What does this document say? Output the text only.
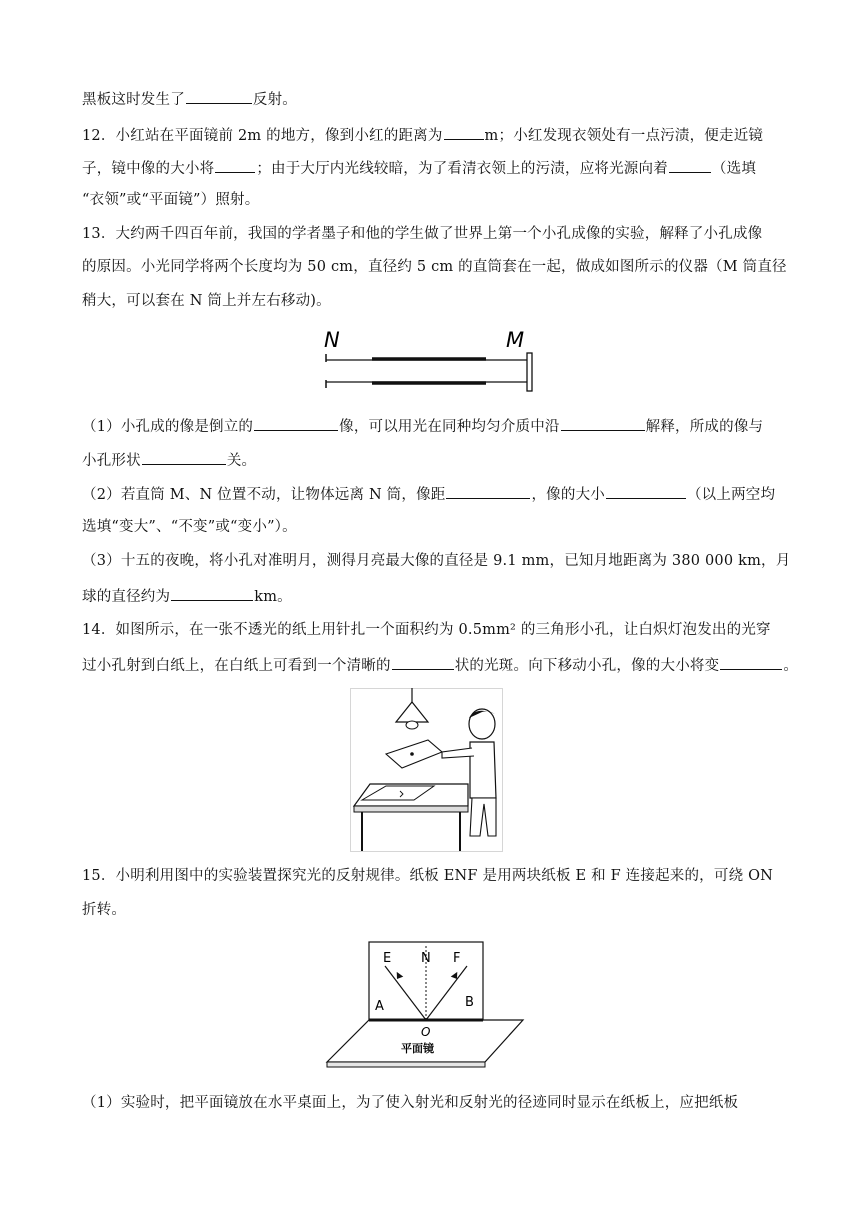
黑板这时发生了	反射。
12．小红站在平面镜前 2m 的地方，像到小红的距离为	m；小红发现衣领处有一点污渍，便走近镜
子，镜中像的大小将	；由于大厅内光线较暗，为了看清衣领上的污渍，应将光源向着	（选填
“衣领”或“平面镜”）照射。
13．大约两千四百年前，我国的学者墨子和他的学生做了世界上第一个小孔成像的实验，解释了小孔成像
的原因。小光同学将两个长度均为 50 cm，直径约 5 cm 的直筒套在一起，做成如图所示的仪器（M 筒直径
稍大，可以套在 N 筒上并左右移动)。
N	M
（1）小孔成的像是倒立的	像，可以用光在同种均匀介质中沿	解释，所成的像与
小孔形状	关。
（2）若直筒 M、N 位置不动，让物体远离 N 筒，像距	，像的大小	（以上两空均
选填“变大”、“不变”或“变小”）。
（3）十五的夜晚，将小孔对准明月，测得月亮最大像的直径是 9.1 mm，已知月地距离为 380 000 km，月
球的直径约为	km。
14．如图所示，在一张不透光的纸上用针扎一个面积约为 0.5mm² 的三角形小孔，让白炽灯泡发出的光穿
过小孔射到白纸上，在白纸上可看到一个清晰的	状的光斑。向下移动小孔，像的大小将变	。
15．小明利用图中的实验装置探究光的反射规律。纸板 ENF 是用两块纸板 E 和 F 连接起来的，可绕 ON
折转。
E N F
A	B
O
平面镜
（1）实验时，把平面镜放在水平桌面上，为了使入射光和反射光的径迹同时显示在纸板上，应把纸板
